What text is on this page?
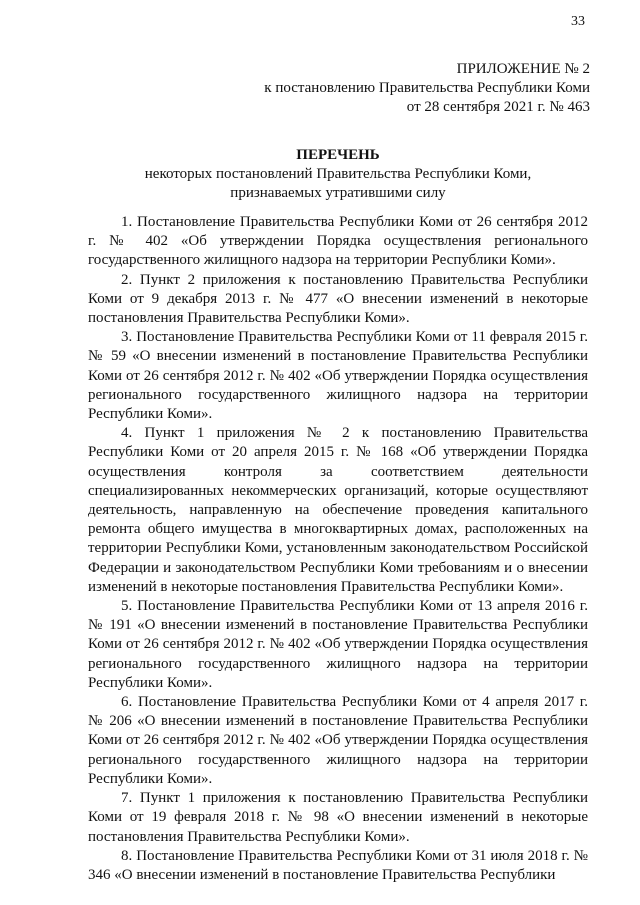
33
ПРИЛОЖЕНИЕ № 2
к постановлению Правительства Республики Коми
от 28 сентября 2021 г. № 463
ПЕРЕЧЕНЬ
некоторых постановлений Правительства Республики Коми,
признаваемых утратившими силу

1. Постановление Правительства Республики Коми от 26 сентября 2012 г. № 402 «Об утверждении Порядка осуществления регионального государственного жилищного надзора на территории Республики Коми».

2. Пункт 2 приложения к постановлению Правительства Республики Коми от 9 декабря 2013 г. № 477 «О внесении изменений в некоторые постановления Правительства Республики Коми».

3. Постановление Правительства Республики Коми от 11 февраля 2015 г. № 59 «О внесении изменений в постановление Правительства Республики Коми от 26 сентября 2012 г. № 402 «Об утверждении Порядка осуществления регионального государственного жилищного надзора на территории Республики Коми».

4. Пункт 1 приложения № 2 к постановлению Правительства Республики Коми от 20 апреля 2015 г. № 168 «Об утверждении Порядка осуществления контроля за соответствием деятельности специализированных некоммерческих организаций, которые осуществляют деятельность, направленную на обеспечение проведения капитального ремонта общего имущества в многоквартирных домах, расположенных на территории Республики Коми, установленным законодательством Российской Федерации и законодательством Республики Коми требованиям и о внесении изменений в некоторые постановления Правительства Республики Коми».

5. Постановление Правительства Республики Коми от 13 апреля 2016 г. № 191 «О внесении изменений в постановление Правительства Республики Коми от 26 сентября 2012 г. № 402 «Об утверждении Порядка осуществления регионального государственного жилищного надзора на территории Республики Коми».

6. Постановление Правительства Республики Коми от 4 апреля 2017 г. № 206 «О внесении изменений в постановление Правительства Республики Коми от 26 сентября 2012 г. № 402 «Об утверждении Порядка осуществления регионального государственного жилищного надзора на территории Республики Коми».

7. Пункт 1 приложения к постановлению Правительства Республики Коми от 19 февраля 2018 г. № 98 «О внесении изменений в некоторые постановления Правительства Республики Коми».

8. Постановление Правительства Республики Коми от 31 июля 2018 г. № 346 «О внесении изменений в постановление Правительства Республики
